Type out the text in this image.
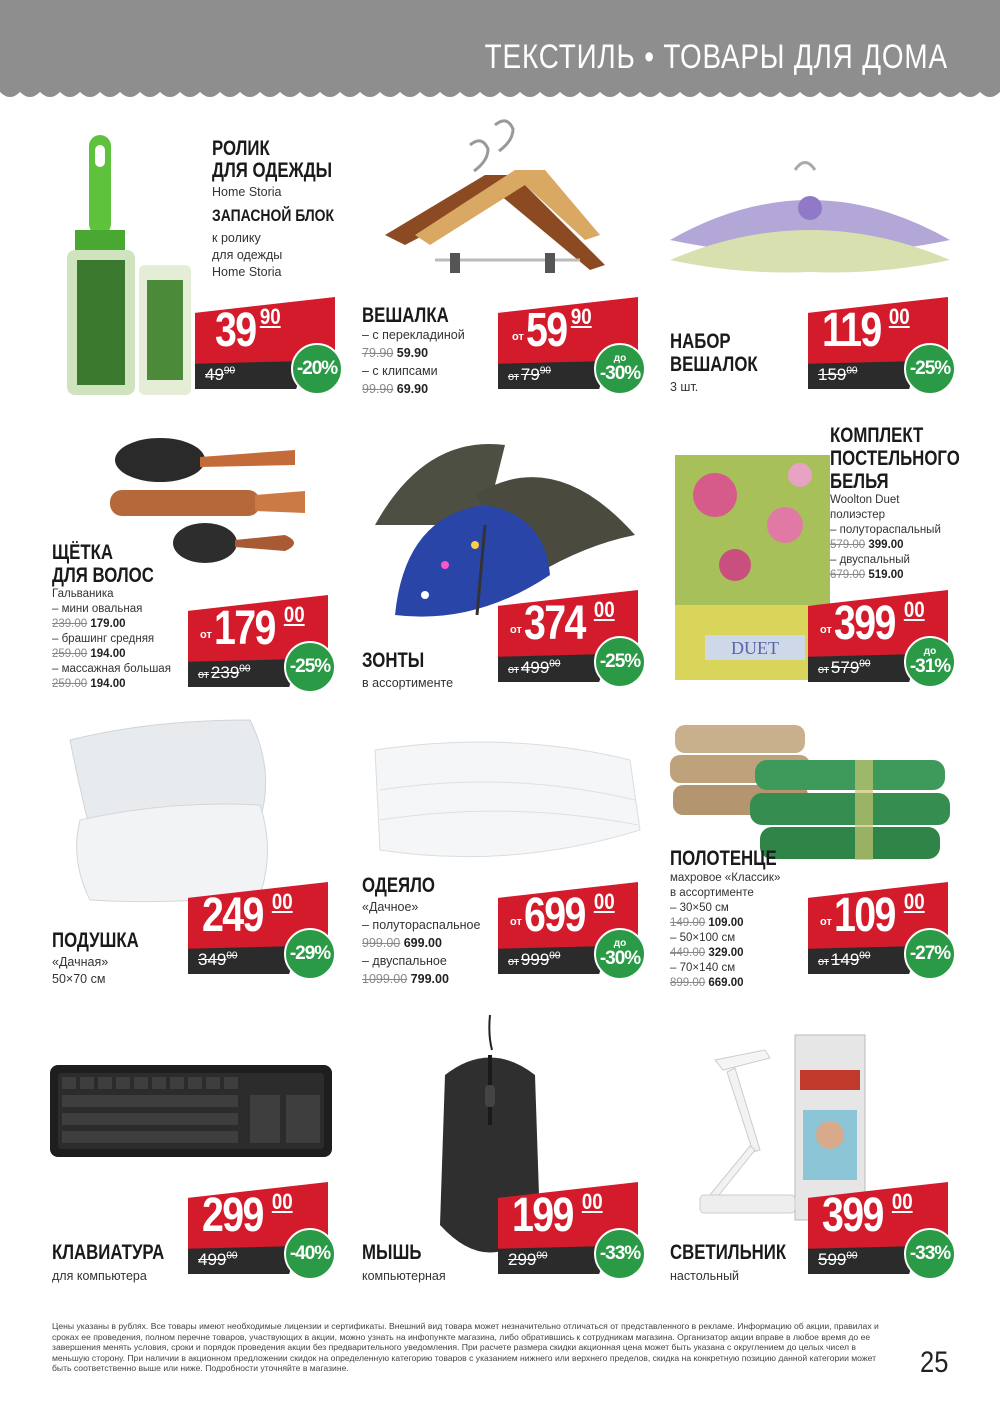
ТЕКСТИЛЬ • ТОВАРЫ ДЛЯ ДОМА
РОЛИК
ДЛЯ ОДЕЖДЫ
Home Storia
ЗАПАСНОЙ БЛОК
к ролику
для одежды
Home Storia
39 90
$49^{90}$	-20%
ВЕШАЛКА
– с перекладиной
79.90 59.90
– с клипсами
99.90 69.90
$^{от}$59 90
от $79^{90}$
до
-30%
НАБОР
ВЕШАЛОК
3 шт.
119 00
$159^{00}$	-25%
ЩЁТКА
ДЛЯ ВОЛОС
Гальваника
– мини овальная
239.00 179.00
– брашинг средняя
259.00 194.00
– массажная большая
259.00 194.00
$^{от}$179 00
от $239^{00}$ -25% ЗОНТЫ
в ассортименте
$^{от}$374 00
от $499^{00}$ -25%
DUET
КОМПЛЕКТ
ПОСТЕЛЬНОГО
БЕЛЬЯ
Woolton Duet
полиэстер
– полутораспальный
579.00 399.00
– двуспальный
679.00 519.00
$^{от}$399 00
от $579^{00}$
до
-31%
ПОДУШКА
«Дачная»
50×70 см
249 00
$349^{00}$	-29%
ОДЕЯЛО
«Дачное»
– полутораспальное
999.00 699.00
– двуспальное
1099.00 799.00
$^{от}$699 00
от $999^{00}$
до
-30%
ПОЛОТЕНЦЕ
махровое «Классик»
в ассортименте
– 30×50 см
149.00 109.00
– 50×100 см
449.00 329.00
– 70×140 см
899.00 669.00
$^{от}$109 00
от $149^{00}$ -27%
КЛАВИАТУРА
для компьютера
299 00
$499^{00}$	-40% МЫШЬ
компьютерная
199 00
$299^{00}$	-33% СВЕТИЛЬНИК
настольный
399 00
$599^{00}$	-33%
Цены указаны в рублях. Все товары имеют необходимые лицензии и сертификаты. Внешний вид товара может незначительно отличаться от представленного в рекламе. Информацию об акции, правилах и сроках ее проведения, полном перечне товаров, участвующих в акции, можно узнать на инфопункте магазина, либо обратившись к сотрудникам магазина. Организатор акции вправе в любое время до ее завершения менять условия, сроки и порядок проведения акции без предварительного уведомления. При расчете размера скидки акционная цена может быть указана с округлением до целых чисел в меньшую сторону. При наличии в акционном предложении скидок на определенную категорию товаров с указанием нижнего или верхнего пределов, скидка на конкретную позицию данной категории может быть соответственно выше или ниже. Подробности уточняйте в магазине.	25
